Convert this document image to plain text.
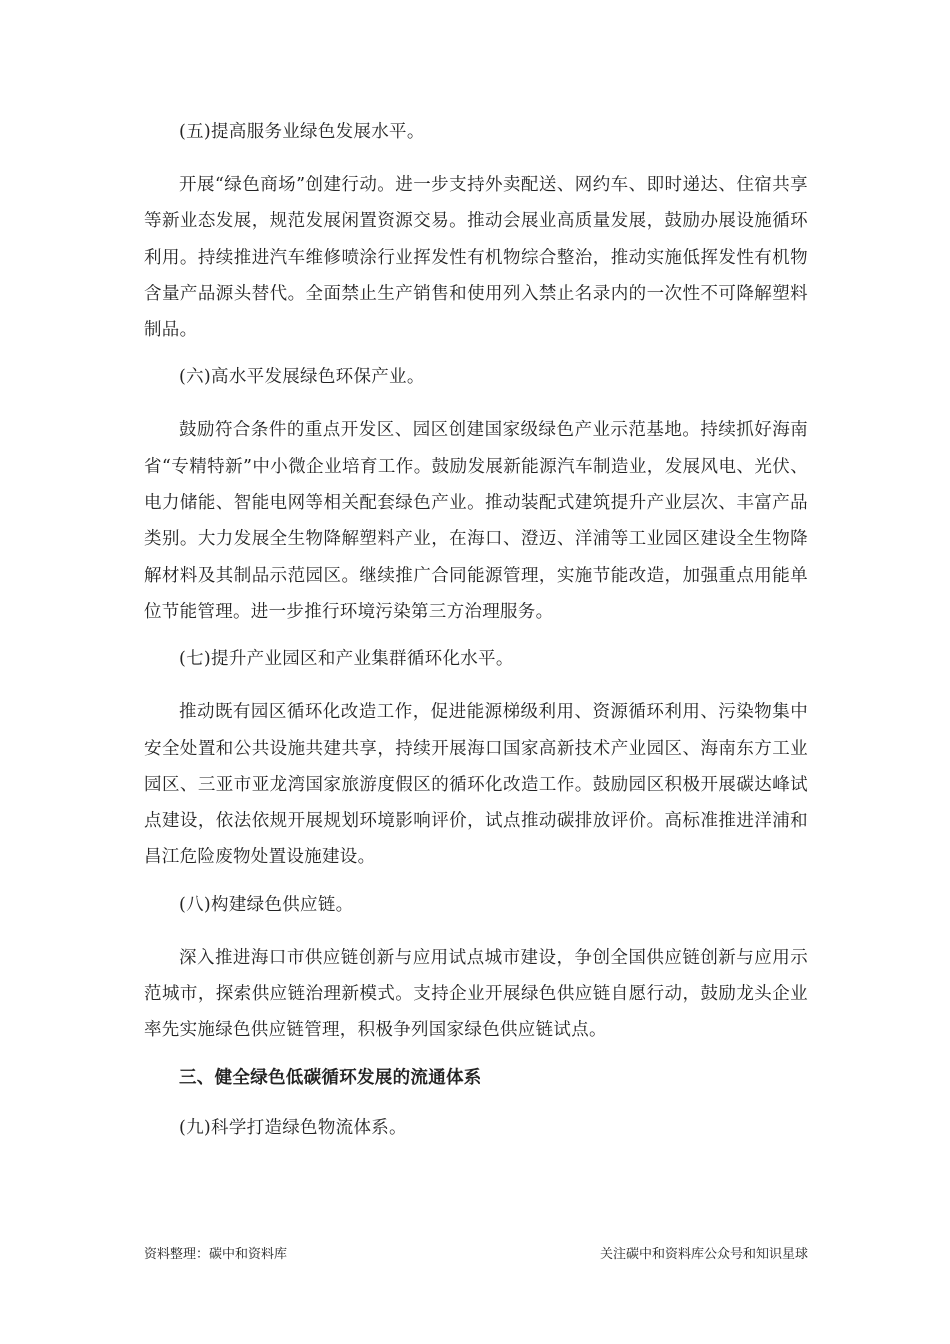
(五)提高服务业绿色发展水平。

开展“绿色商场”创建行动。进一步支持外卖配送、网约车、即时递达、住宿共享等新业态发展，规范发展闲置资源交易。推动会展业高质量发展，鼓励办展设施循环利用。持续推进汽车维修喷涂行业挥发性有机物综合整治，推动实施低挥发性有机物含量产品源头替代。全面禁止生产销售和使用列入禁止名录内的一次性不可降解塑料制品。

(六)高水平发展绿色环保产业。

鼓励符合条件的重点开发区、园区创建国家级绿色产业示范基地。持续抓好海南省“专精特新”中小微企业培育工作。鼓励发展新能源汽车制造业，发展风电、光伏、电力储能、智能电网等相关配套绿色产业。推动装配式建筑提升产业层次、丰富产品类别。大力发展全生物降解塑料产业，在海口、澄迈、洋浦等工业园区建设全生物降解材料及其制品示范园区。继续推广合同能源管理，实施节能改造，加强重点用能单位节能管理。进一步推行环境污染第三方治理服务。

(七)提升产业园区和产业集群循环化水平。

推动既有园区循环化改造工作，促进能源梯级利用、资源循环利用、污染物集中安全处置和公共设施共建共享，持续开展海口国家高新技术产业园区、海南东方工业园区、三亚市亚龙湾国家旅游度假区的循环化改造工作。鼓励园区积极开展碳达峰试点建设，依法依规开展规划环境影响评价，试点推动碳排放评价。高标准推进洋浦和昌江危险废物处置设施建设。

(八)构建绿色供应链。

深入推进海口市供应链创新与应用试点城市建设，争创全国供应链创新与应用示范城市，探索供应链治理新模式。支持企业开展绿色供应链自愿行动，鼓励龙头企业率先实施绿色供应链管理，积极争列国家绿色供应链试点。

三、健全绿色低碳循环发展的流通体系

(九)科学打造绿色物流体系。

资料整理：碳中和资料库	关注碳中和资料库公众号和知识星球
